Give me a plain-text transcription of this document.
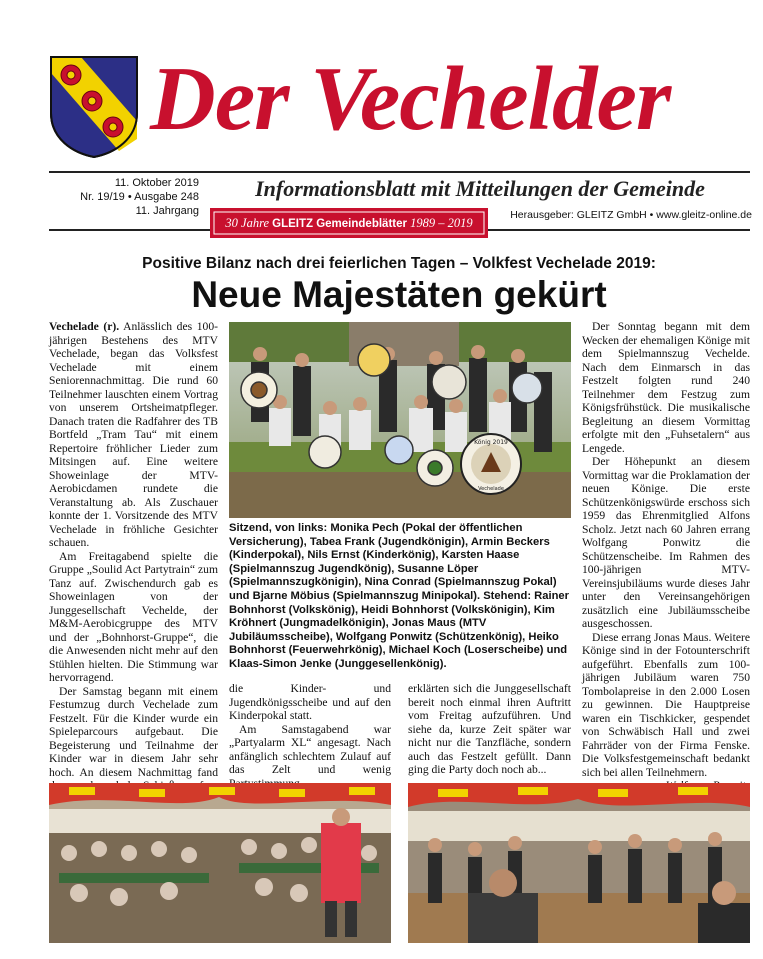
Der Vechelder
11. Oktober 2019
Nr. 19/19 • Ausgabe 248
11. Jahrgang
Informationsblatt mit Mitteilungen der Gemeinde
30 Jahre GLEITZ Gemeindeblätter 1989 – 2019
Herausgeber: GLEITZ GmbH • www.gleitz-online.de
Positive Bilanz nach drei feierlichen Tagen – Volkfest Vechelade 2019:
Neue Majestäten gekürt

Vechelade (r). Anlässlich des 100-jährigen Bestehens des MTV Vechelade, began das Volksfest Vechelade mit einem Seniorennachmittag. Die rund 60 Teilnehmer lauschten einem Vortrag von unserem Ortsheimatpfleger. Danach traten die Radfahrer des TB Bortfeld „Tram Tau“ mit einem Repertoire fröhlicher Lieder zum Mitsingen auf. Eine weitere Showeinlage der MTV-Aerobicdamen rundete die Veranstaltung ab. Als Zuschauer konnte der 1. Vorsitzende des MTV Vechelade in fröhliche Gesichter schauen.

Am Freitagabend spielte die Gruppe „Soulid Act Partytrain“ zum Tanz auf. Zwischendurch gab es Showeinlagen von der Junggesellschaft Vechelde, der M&M-Aerobicgruppe des MTV und der „Bohnhorst-Gruppe“, die die Anwesenden nicht mehr auf den Stühlen hielten. Die Stimmung war hervorragend.

Der Samstag begann mit einem Festumzug durch Vechelade zum Festzelt. Für die Kinder wurde ein Spieleparcours aufgebaut. Die Begeisterung und Teilnahme der Kinder war in diesem Jahr sehr hoch. An diesem Nachmittag fand

König 2019
Vechelade
Sitzend, von links: Monika Pech (Pokal der öffentlichen Versicherung), Tabea Frank (Jugendkönigin), Armin Beckers (Kinderpokal), Nils Ernst (Kinderkönig), Karsten Haase (Spielmannszug Jugendkönig), Susanne Löper (Spielmannszugkönigin), Nina Conrad (Spielmannszug Pokal) und Bjarne Möbius (Spielmannszug Minipokal). Stehend: Rainer Bohnhorst (Volkskönig), Heidi Bohnhorst (Volkskönigin), Kim Kröhnert (Jungmadelkönigin), Jonas Maus (MTV Jubiläumsscheibe), Wolfgang Ponwitz (Schützenkönig), Heiko Bohnhorst (Feuerwehrkönig), Michael Koch (Loserscheibe) und Klaas-Simon Jenke (Junggesellenkönig).

die Kinder- und Jugendkönigsscheibe und auf den Kinderpokal statt.

Am Samstagabend war „Partyalarm XL“ angesagt. Nach anfänglich schlechtem Zulauf auf das Zelt und wenig

erklärten sich die Junggesellschaft bereit noch einmal ihren Auftritt vom Freitag aufzuführen. Und siehe da, kurze Zeit später war nicht nur die Tanzfläche, sondern auch das Festzelt gefüllt. Dann ging die Party doch noch ab...

Der Sonntag begann mit dem Wecken der ehemaligen Könige mit dem Spielmannszug Vechelde. Nach dem Einmarsch in das Festzelt folgten rund 240 Teilnehmer dem Festzug zum Königsfrühstück. Die musikalische Begleitung an diesem Vormittag erfolgte mit den „Fuhsetalern“ aus Lengede.

Der Höhepunkt an diesem Vormittag war die Proklamation der neuen Könige. Die erste Schützenkönigswürde erschoss sich 1959 das Ehrenmitglied Alfons Scholz. Jetzt nach 60 Jahren errang Wolfgang Ponwitz die Schützenscheibe. Im Rahmen des 100-jährigen MTV-Vereinsjubiläums wurde dieses Jahr unter den Vereinsangehörigen zusätzlich eine Jubiläumsscheibe ausgeschossen.

Diese errang Jonas Maus. Weitere Könige sind in der Fotounterschrift aufgeführt. Ebenfalls zum 100-jährigen Jubiläum waren 750 Tombolapreise in den 2.000 Losen zu gewinnen. Die Hauptpreise waren ein Tischkicker, gespendet von Schwäbisch Hall und zwei Fahrräder von der Firma Fenske. Die Volksfestgemeinschaft bedankt sich bei allen Teilnehmern.
